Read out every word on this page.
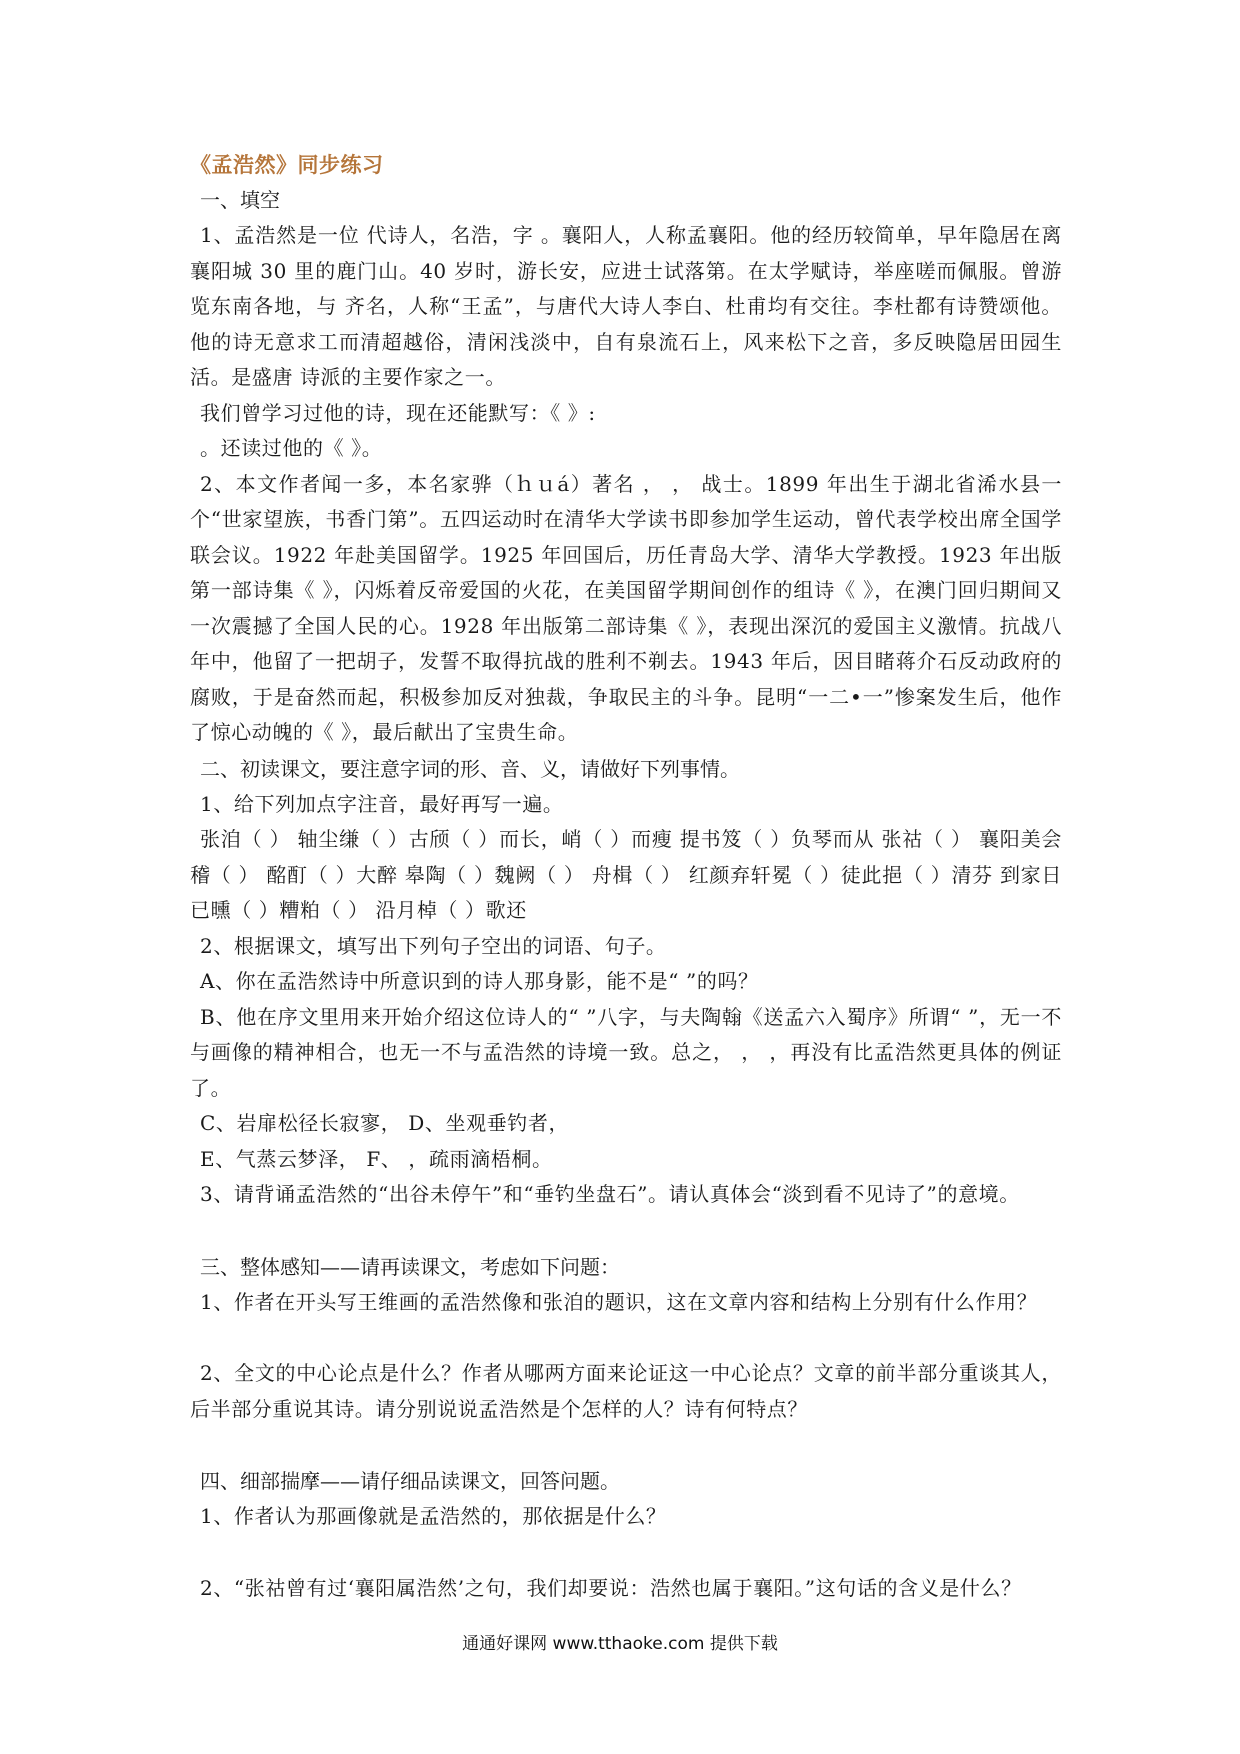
《孟浩然》同步练习
一、填空
1、孟浩然是一位 代诗人，名浩，字 。襄阳人，人称孟襄阳。他的经历较简单，早年隐居在离襄阳城 30 里的鹿门山。40 岁时，游长安，应进士试落第。在太学赋诗，举座嗟而佩服。曾游览东南各地，与 齐名，人称“王孟”，与唐代大诗人李白、杜甫均有交往。李杜都有诗赞颂他。他的诗无意求工而清超越俗，清闲浅淡中，自有泉流石上，风来松下之音，多反映隐居田园生活。是盛唐 诗派的主要作家之一。
我们曾学习过他的诗，现在还能默写：《 》:
。还读过他的《 》。
2、本文作者闻一多，本名家骅（ｈｕá）著名 ， ， 战士。1899 年出生于湖北省浠水县一个“世家望族，书香门第”。五四运动时在清华大学读书即参加学生运动，曾代表学校出席全国学联会议。1922 年赴美国留学。1925 年回国后，历任青岛大学、清华大学教授。1923 年出版第一部诗集《 》，闪烁着反帝爱国的火花，在美国留学期间创作的组诗《 》，在澳门回归期间又一次震撼了全国人民的心。1928 年出版第二部诗集《 》，表现出深沉的爱国主义激情。抗战八年中，他留了一把胡子，发誓不取得抗战的胜利不剃去。1943 年后，因目睹蒋介石反动政府的腐败，于是奋然而起，积极参加反对独裁，争取民主的斗争。昆明“一二•一”惨案发生后，他作了惊心动魄的《 》，最后献出了宝贵生命。
二、初读课文，要注意字词的形、音、义，请做好下列事情。
1、给下列加点字注音，最好再写一遍。
张洎（ ） 轴尘缣（ ）古颀（ ）而长，峭（ ）而瘦 提书笈（ ）负琴而从 张祜（ ） 襄阳美会稽（ ） 酩酊（ ）大醉 皋陶（ ）魏阙（ ） 舟楫（ ） 红颜弃轩冕（ ）徒此挹（ ）清芬 到家日已曛（ ）糟粕（ ） 沿月棹（ ）歌还
2、根据课文，填写出下列句子空出的词语、句子。
A、你在孟浩然诗中所意识到的诗人那身影，能不是“ ”的吗？
B、他在序文里用来开始介绍这位诗人的“ ”八字，与夫陶翰《送孟六入蜀序》所谓“ ”，无一不与画像的精神相合，也无一不与孟浩然的诗境一致。总之， ， ，再没有比孟浩然更具体的例证了。
C、岩扉松径长寂寥， D、坐观垂钓者，
E、气蒸云梦泽， F、 ，疏雨滴梧桐。
3、请背诵孟浩然的“出谷未停午”和“垂钓坐盘石”。请认真体会“淡到看不见诗了”的意境。
三、整体感知——请再读课文，考虑如下问题：
1、作者在开头写王维画的孟浩然像和张洎的题识，这在文章内容和结构上分别有什么作用？
2、全文的中心论点是什么？作者从哪两方面来论证这一中心论点？文章的前半部分重谈其人，后半部分重说其诗。请分别说说孟浩然是个怎样的人？诗有何特点？
四、细部揣摩——请仔细品读课文，回答问题。
1、作者认为那画像就是孟浩然的，那依据是什么？
2、“张祜曾有过‘襄阳属浩然’之句，我们却要说：浩然也属于襄阳。”这句话的含义是什么？
通通好课网 www.tthaoke.com 提供下载
